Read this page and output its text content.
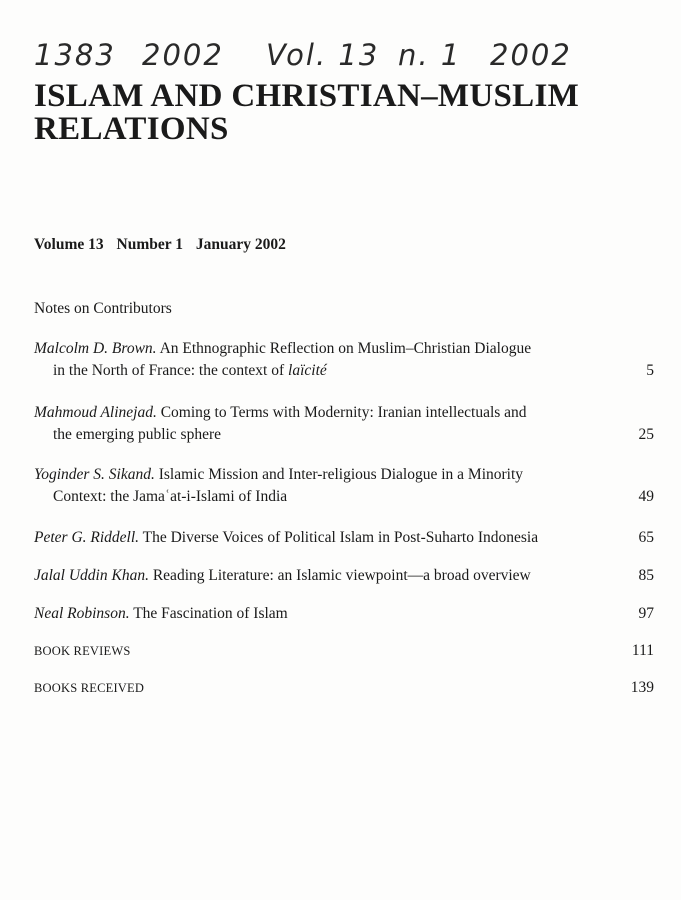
1383 2002 Vol. 13 n. 1 2002
ISLAM AND CHRISTIAN–MUSLIM
RELATIONS
Volume 13 Number 1 January 2002
Notes on Contributors
Malcolm D. Brown. An Ethnographic Reflection on Muslim–Christian Dialogue
in the North of France: the context of laïcité	5
Mahmoud Alinejad. Coming to Terms with Modernity: Iranian intellectuals and
the emerging public sphere	25
Yoginder S. Sikand. Islamic Mission and Inter-religious Dialogue in a Minority
Context: the Jamaʿat-i-Islami of India	49
Peter G. Riddell. The Diverse Voices of Political Islam in Post-Suharto Indonesia	65
Jalal Uddin Khan. Reading Literature: an Islamic viewpoint—a broad overview	85
Neal Robinson. The Fascination of Islam	97
BOOK REVIEWS	111
BOOKS RECEIVED	139
